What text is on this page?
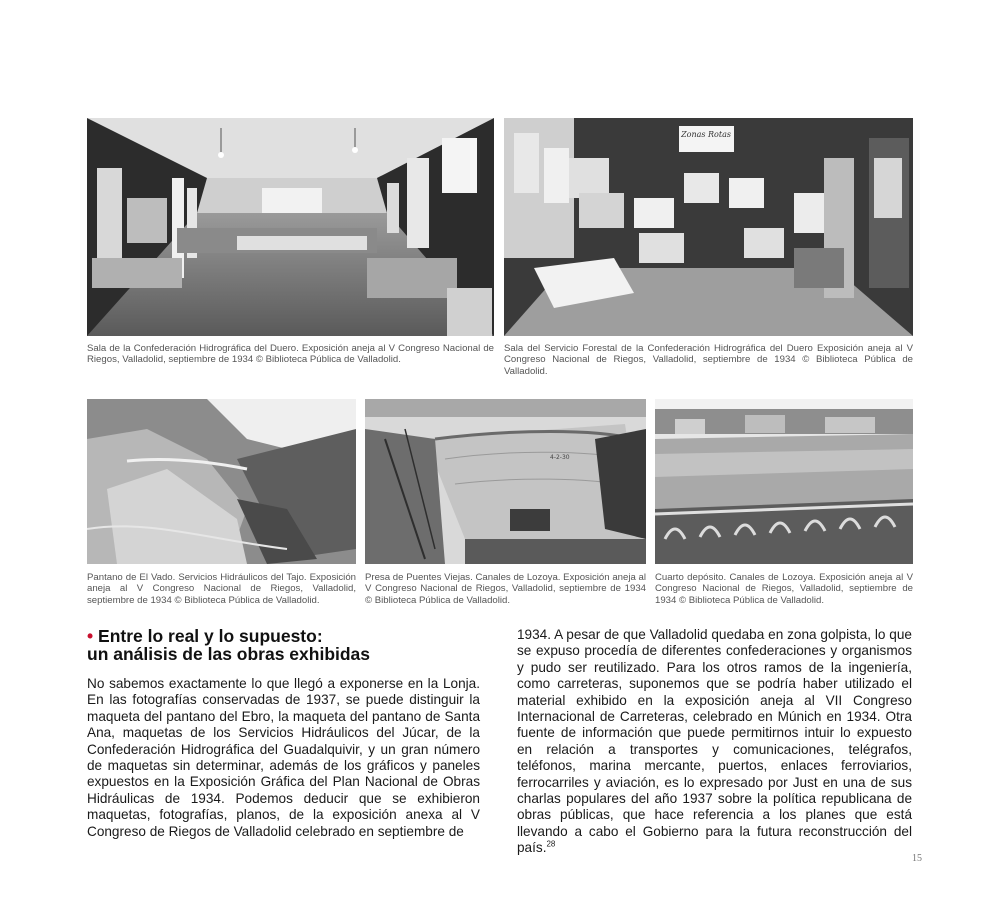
Sala de la Confederación Hidrográfica del Duero. Exposición aneja al V Congreso Nacional de Riegos, Valladolid, septiembre de 1934 © Biblioteca Pública de Valladolid.

Zonas Rotas

Sala del Servicio Forestal de la Confederación Hidrográfica del Duero Exposición aneja al V Congreso Nacional de Riegos, Valladolid, septiembre de 1934 © Biblioteca Pública de Valladolid.

Pantano de El Vado. Servicios Hidráulicos del Tajo. Exposición aneja al V Congreso Nacional de Riegos, Valladolid, septiembre de 1934 © Biblioteca Pública de Valladolid.

4-2-30

Presa de Puentes Viejas. Canales de Lozoya. Exposición aneja al V Congreso Nacional de Riegos, Valladolid, septiembre de 1934 © Biblioteca Pública de Valladolid.

Cuarto depósito. Canales de Lozoya. Exposición aneja al V Congreso Nacional de Riegos, Valladolid, septiembre de 1934 © Biblioteca Pública de Valladolid.

• Entre lo real y lo supuesto:
un análisis de las obras exhibidas

No sabemos exactamente lo que llegó a exponerse en la Lonja. En las fotografías conservadas de 1937, se puede distinguir la maqueta del pantano del Ebro, la maqueta del pantano de Santa Ana, maquetas de los Servicios Hidráulicos del Júcar, de la Confederación Hidrográfica del Guadalquivir, y un gran número de maquetas sin determinar, además de los gráficos y paneles expuestos en la Exposición Gráfica del Plan Nacional de Obras Hidráulicas de 1934. Podemos deducir que se exhibieron maquetas, fotografías, planos, de la exposición anexa al V Congreso de Riegos de Valladolid celebrado en septiembre de

1934. A pesar de que Valladolid quedaba en zona golpista, lo que se expuso procedía de diferentes confederaciones y organismos y pudo ser reutilizado. Para los otros ramos de la ingeniería, como carreteras, suponemos que se podría haber utilizado el material exhibido en la exposición aneja al VII Congreso Internacional de Carreteras, celebrado en Múnich en 1934. Otra fuente de información que puede permitirnos intuir lo expuesto en relación a transportes y comunicaciones, telégrafos, teléfonos, marina mercante, puertos, enlaces ferroviarios, ferrocarriles y aviación, es lo expresado por Just en una de sus charlas populares del año 1937 sobre la política republicana de obras públicas, que hace referencia a los planes que está llevando a cabo el Gobierno para la futura reconstrucción del país.$^{28}$

15
